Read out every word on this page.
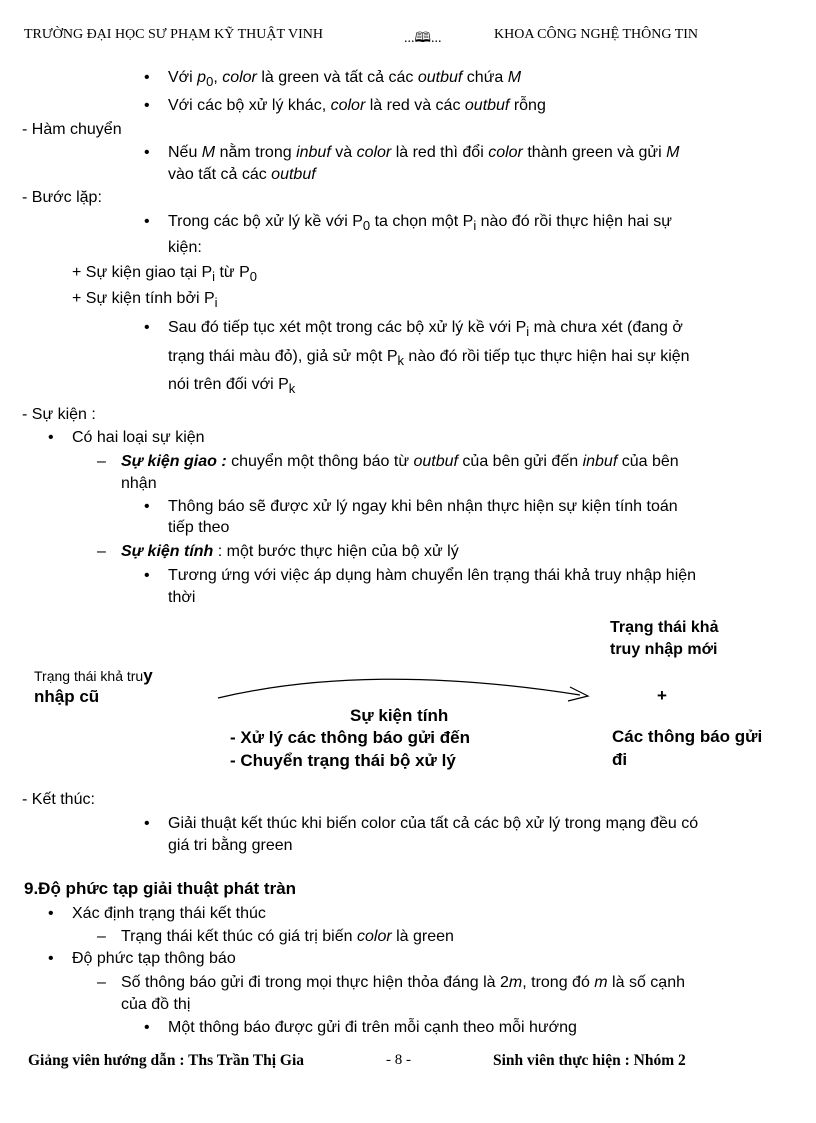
TRƯỜNG ĐẠI HỌC SƯ PHẠM KỸ THUẬT VINH	...🕮...	KHOA CÔNG NGHỆ THÔNG TIN
• Với $p_0$, color là green và tất cả các outbuf chứa M
• Với các bộ xử lý khác, color là red và các outbuf rỗng
- Hàm chuyển
• Nếu M nằm trong inbuf và color là red thì đổi color thành green và gửi M
vào tất cả các outbuf
- Bước lặp:
• Trong các bộ xử lý kề với $P_0$ ta chọn một $P_i$ nào đó rồi thực hiện hai sự
kiện:
+ Sự kiện giao tại $P_i$ từ $P_0$
+ Sự kiện tính bởi $P_i$
• Sau đó tiếp tục xét một trong các bộ xử lý kề với $P_i$ mà chưa xét (đang ở
trạng thái màu đỏ), giả sử một $P_k$ nào đó rồi tiếp tục thực hiện hai sự kiện
nói trên đối với $P_k$
- Sự kiện :
• Có hai loại sự kiện
– Sự kiện giao : chuyển một thông báo từ outbuf của bên gửi đến inbuf của bên
nhận
• Thông báo sẽ được xử lý ngay khi bên nhận thực hiện sự kiện tính toán
tiếp theo
– Sự kiện tính : một bước thực hiện của bộ xử lý
• Tương ứng với việc áp dụng hàm chuyển lên trạng thái khả truy nhập hiện
thời
Trạng thái khả
truy nhập mới
Trạng thái khả truy
nhập cũ	+
Sự kiện tính
- Xử lý các thông báo gửi đến
- Chuyển trạng thái bộ xử lý
Các thông báo gửi
đi
- Kết thúc:
• Giải thuật kết thúc khi biến color của tất cả các bộ xử lý trong mạng đều có
giá tri bằng green
9.Độ phức tạp giải thuật phát tràn
• Xác định trạng thái kết thúc
– Trạng thái kết thúc có giá trị biến color là green
• Độ phức tạp thông báo
– Số thông báo gửi đi trong mọi thực hiện thỏa đáng là 2m, trong đó m là số cạnh
của đồ thị
• Một thông báo được gửi đi trên mỗi cạnh theo mỗi hướng
Giảng viên hướng dẫn : Ths Trần Thị Gia	- 8 -	Sinh viên thực hiện : Nhóm 2
